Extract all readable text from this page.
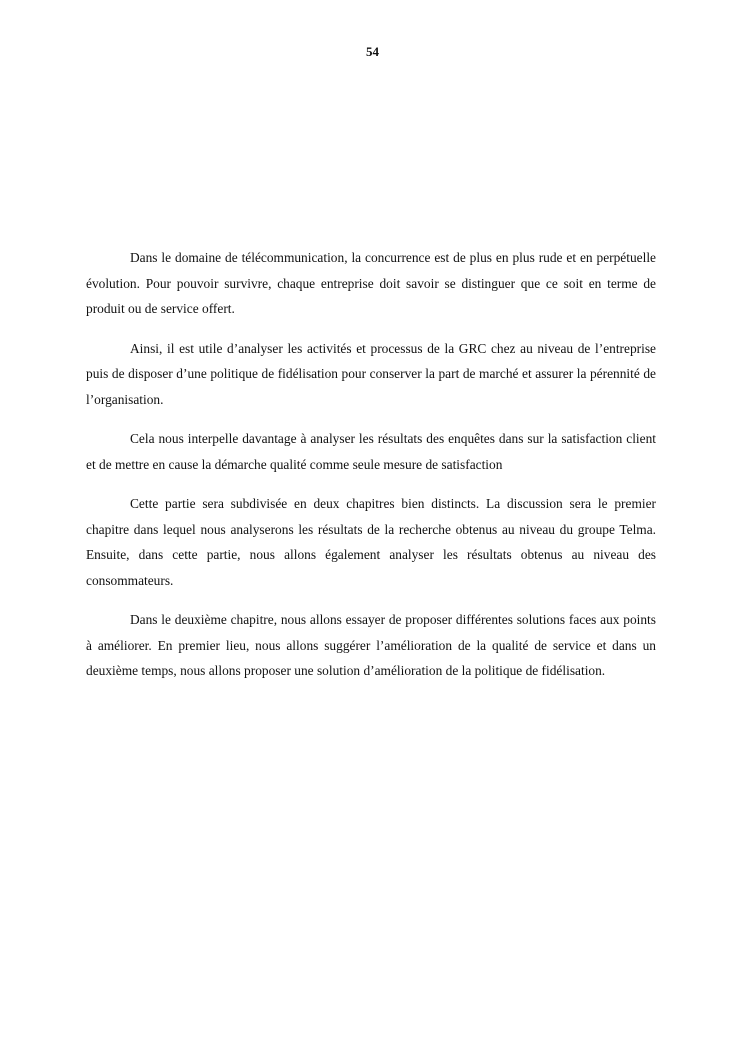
54

Dans le domaine de télécommunication, la concurrence est de plus en plus rude et en perpétuelle évolution. Pour pouvoir survivre, chaque entreprise doit savoir se distinguer que ce soit en terme de produit ou de service offert.

Ainsi, il est utile d’analyser les activités et processus de la GRC chez au niveau de l’entreprise puis de disposer d’une politique de fidélisation pour conserver la part de marché et assurer la pérennité de l’organisation.

Cela nous interpelle davantage à analyser les résultats des enquêtes dans sur la satisfaction client et de mettre en cause la démarche qualité comme seule mesure de satisfaction

Cette partie sera subdivisée en deux chapitres bien distincts. La discussion sera le premier chapitre dans lequel nous analyserons les résultats de la recherche obtenus au niveau du groupe Telma. Ensuite, dans cette partie, nous allons également analyser les résultats obtenus au niveau des consommateurs.

Dans le deuxième chapitre, nous allons essayer de proposer différentes solutions faces aux points à améliorer. En premier lieu, nous allons suggérer l’amélioration de la qualité de service et dans un deuxième temps, nous allons proposer une solution d’amélioration de la politique de fidélisation.
